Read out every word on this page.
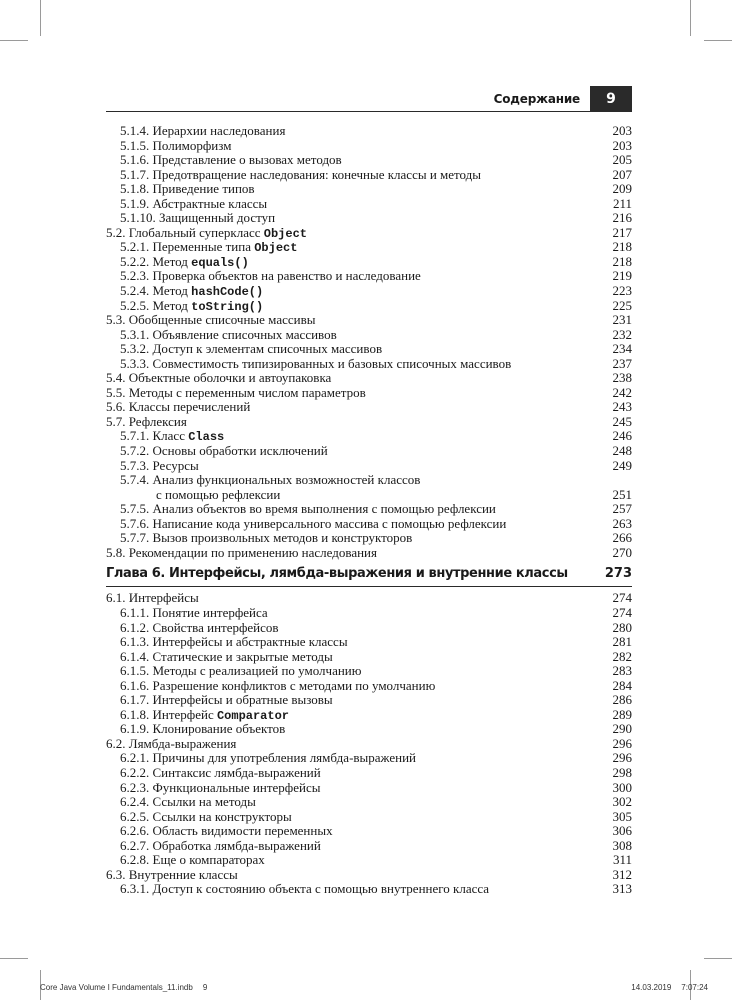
Содержание 9
5.1.4. Иерархии наследования	203
5.1.5. Полиморфизм	203
5.1.6. Представление о вызовах методов	205
5.1.7. Предотвращение наследования: конечные классы и методы	207
5.1.8. Приведение типов	209
5.1.9. Абстрактные классы	211
5.1.10. Защищенный доступ	216
5.2. Глобальный суперкласс Object	217
5.2.1. Переменные типа Object	218
5.2.2. Метод equals()	218
5.2.3. Проверка объектов на равенство и наследование	219
5.2.4. Метод hashCode()	223
5.2.5. Метод toString()	225
5.3. Обобщенные списочные массивы	231
5.3.1. Объявление списочных массивов	232
5.3.2. Доступ к элементам списочных массивов	234
5.3.3. Совместимость типизированных и базовых списочных массивов	237
5.4. Объектные оболочки и автоупаковка	238
5.5. Методы с переменным числом параметров	242
5.6. Классы перечислений	243
5.7. Рефлексия	245
5.7.1. Класс Class	246
5.7.2. Основы обработки исключений	248
5.7.3. Ресурсы	249
5.7.4. Анализ функциональных возможностей классов
с помощью рефлексии	251
5.7.5. Анализ объектов во время выполнения с помощью рефлексии	257
5.7.6. Написание кода универсального массива с помощью рефлексии	263
5.7.7. Вызов произвольных методов и конструкторов	266
5.8. Рекомендации по применению наследования	270
Глава 6. Интерфейсы, лямбда-выражения и внутренние классы	273
6.1. Интерфейсы	274
6.1.1. Понятие интерфейса	274
6.1.2. Свойства интерфейсов	280
6.1.3. Интерфейсы и абстрактные классы	281
6.1.4. Статические и закрытые методы	282
6.1.5. Методы с реализацией по умолчанию	283
6.1.6. Разрешение конфликтов с методами по умолчанию	284
6.1.7. Интерфейсы и обратные вызовы	286
6.1.8. Интерфейс Comparator	289
6.1.9. Клонирование объектов	290
6.2. Лямбда-выражения	296
6.2.1. Причины для употребления лямбда-выражений	296
6.2.2. Синтаксис лямбда-выражений	298
6.2.3. Функциональные интерфейсы	300
6.2.4. Ссылки на методы	302
6.2.5. Ссылки на конструкторы	305
6.2.6. Область видимости переменных	306
6.2.7. Обработка лямбда-выражений	308
6.2.8. Еще о компараторах	311
6.3. Внутренние классы	312
6.3.1. Доступ к состоянию объекта с помощью внутреннего класса	313
Core Java Volume I Fundamentals_11.indb 9	14.03.2019 7:07:24
